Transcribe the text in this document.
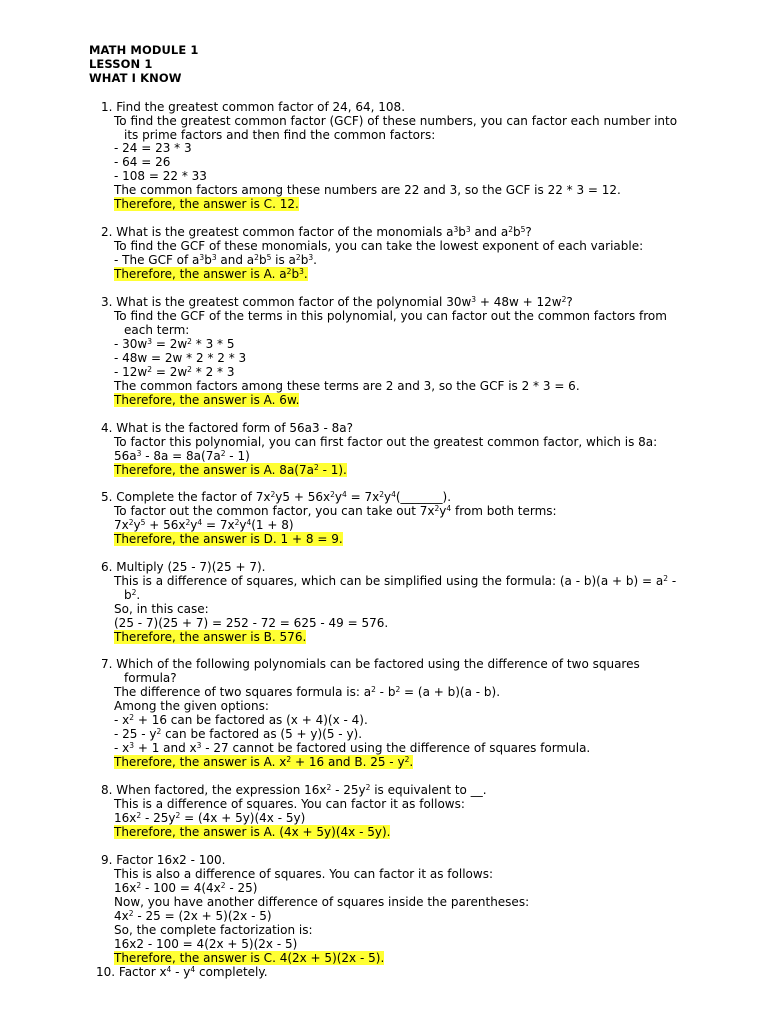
MATH MODULE 1
LESSON 1
WHAT I KNOW
1. Find the greatest common factor of 24, 64, 108.
To find the greatest common factor (GCF) of these numbers, you can factor each number into
its prime factors and then find the common factors:
- 24 = 23 * 3
- 64 = 26
- 108 = 22 * 33
The common factors among these numbers are 22 and 3, so the GCF is 22 * 3 = 12.
Therefore, the answer is C. 12.
2. What is the greatest common factor of the monomials $a^3b^3$ and $a^2b^5$?
To find the GCF of these monomials, you can take the lowest exponent of each variable:
- The GCF of $a^3b^3$ and $a^2b^5$ is $a^2b^3$.
Therefore, the answer is A. $a^2b^3$.
3. What is the greatest common factor of the polynomial $30w^3 + 48w + 12w^2$?
To find the GCF of the terms in this polynomial, you can factor out the common factors from
each term:
- $30w^3 = 2w^2 * 3 * 5$
- 48w = 2w * 2 * 2 * 3
- $12w^2 = 2w^2 * 2 * 3$
The common factors among these terms are 2 and 3, so the GCF is 2 * 3 = 6.
Therefore, the answer is A. 6w.
4. What is the factored form of 56a3 - 8a?
To factor this polynomial, you can first factor out the greatest common factor, which is 8a:
$56a^3 - 8a = 8a(7a^2 - 1)$
Therefore, the answer is A. $8a(7a^2 - 1)$.
5. Complete the factor of $7x^2y5 + 56x^2y^4$ = $7x^2y^4(\_\_\_\_\_\_\_)$.
To factor out the common factor, you can take out $7x^2y^4$ from both terms:
$7x^2y^5 + 56x^2y^4 = 7x^2y^4(1 + 8)$
Therefore, the answer is D. 1 + 8 = 9.
6. Multiply (25 - 7)(25 + 7).
This is a difference of squares, which can be simplified using the formula: $(a - b)(a + b) = a^2$ -
$b^2$.
So, in this case:
(25 - 7)(25 + 7) = 252 - 72 = 625 - 49 = 576.
Therefore, the answer is B. 576.
7. Which of the following polynomials can be factored using the difference of two squares
formula?
The difference of two squares formula is: $a^2 - b^2 = (a + b)(a - b)$.
Among the given options:
- $x^2 + 16$ can be factored as (x + 4)(x - 4).
- $25 - y^2$ can be factored as (5 + y)(5 - y).
- $x^3 + 1$ and $x^3 - 27$ cannot be factored using the difference of squares formula.
Therefore, the answer is A. $x^2 + 16$ and B. $25 - y^2$.
8. When factored, the expression $16x^2 - 25y^2$ is equivalent to __.
This is a difference of squares. You can factor it as follows:
$16x^2 - 25y^2 = (4x + 5y)(4x - 5y)$
Therefore, the answer is A. (4x + 5y)(4x - 5y).
9. Factor 16x2 - 100.
This is also a difference of squares. You can factor it as follows:
$16x^2 - 100 = 4(4x^2 - 25)$
Now, you have another difference of squares inside the parentheses:
$4x^2 - 25 = (2x + 5)(2x - 5)$
So, the complete factorization is:
16x2 - 100 = 4(2x + 5)(2x - 5)
Therefore, the answer is C. 4(2x + 5)(2x - 5).
10. Factor $x^4 - y^4$ completely.
